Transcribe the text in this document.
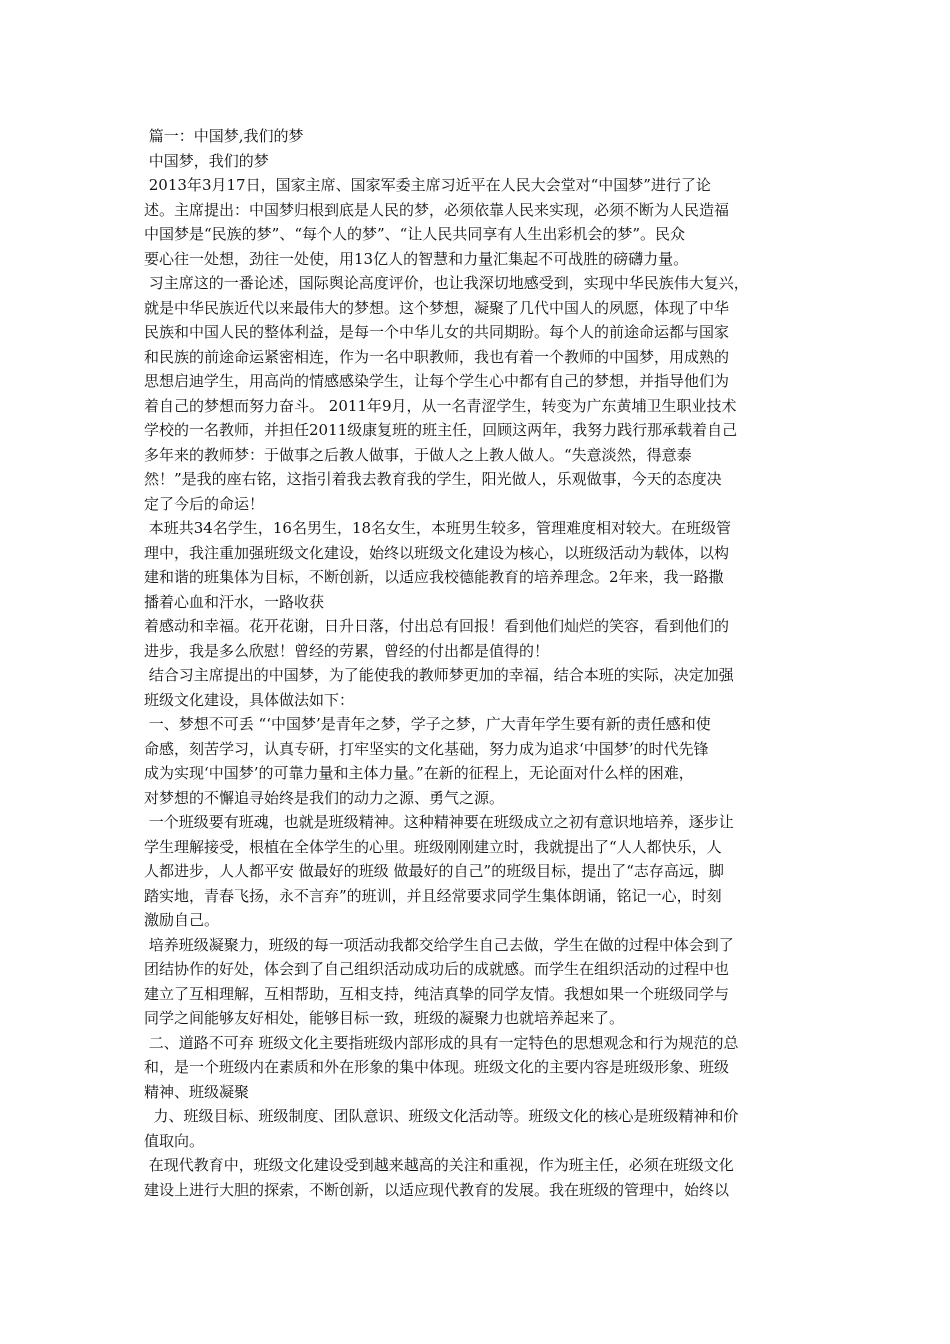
篇一：中国梦,我们的梦
中国梦，我们的梦
2013年3月17日，国家主席、国家军委主席习近平在人民大会堂对“中国梦”进行了论
述。主席提出：中国梦归根到底是人民的梦，必须依靠人民来实现，必须不断为人民造福
中国梦是“民族的梦”、“每个人的梦”、“让人民共同享有人生出彩机会的梦”。民众
要心往一处想，劲往一处使，用13亿人的智慧和力量汇集起不可战胜的磅礴力量。
习主席这的一番论述，国际舆论高度评价，也让我深切地感受到，实现中华民族伟大复兴，
就是中华民族近代以来最伟大的梦想。这个梦想，凝聚了几代中国人的夙愿，体现了中华
民族和中国人民的整体利益，是每一个中华儿女的共同期盼。每个人的前途命运都与国家
和民族的前途命运紧密相连，作为一名中职教师，我也有着一个教师的中国梦，用成熟的
思想启迪学生，用高尚的情感感染学生，让每个学生心中都有自己的梦想，并指导他们为
着自己的梦想而努力奋斗。 2011年9月，从一名青涩学生，转变为广东黄埔卫生职业技术
学校的一名教师，并担任2011级康复班的班主任，回顾这两年，我努力践行那承载着自己
多年来的教师梦：于做事之后教人做事，于做人之上教人做人。“失意淡然，得意泰
然！”是我的座右铭，这指引着我去教育我的学生，阳光做人，乐观做事，今天的态度决
定了今后的命运！
本班共34名学生，16名男生，18名女生，本班男生较多，管理难度相对较大。在班级管
理中，我注重加强班级文化建设，始终以班级文化建设为核心，以班级活动为载体，以构
建和谐的班集体为目标，不断创新，以适应我校德能教育的培养理念。2年来，我一路撒
播着心血和汗水，一路收获
着感动和幸福。花开花谢，日升日落，付出总有回报！看到他们灿烂的笑容，看到他们的
进步，我是多么欣慰！曾经的劳累，曾经的付出都是值得的！
结合习主席提出的中国梦，为了能使我的教师梦更加的幸福，结合本班的实际，决定加强
班级文化建设，具体做法如下：
一、梦想不可丢 “‘中国梦’是青年之梦，学子之梦，广大青年学生要有新的责任感和使
命感，刻苦学习，认真专研，打牢坚实的文化基础，努力成为追求‘中国梦’的时代先锋
成为实现‘中国梦’的可靠力量和主体力量。”在新的征程上，无论面对什么样的困难，
对梦想的不懈追寻始终是我们的动力之源、勇气之源。
一个班级要有班魂，也就是班级精神。这种精神要在班级成立之初有意识地培养，逐步让
学生理解接受，根植在全体学生的心里。班级刚刚建立时，我就提出了“人人都快乐，人
人都进步，人人都平安 做最好的班级 做最好的自己”的班级目标，提出了“志存高远，脚
踏实地，青春飞扬，永不言弃”的班训，并且经常要求同学生集体朗诵，铭记一心，时刻
激励自己。
培养班级凝聚力，班级的每一项活动我都交给学生自己去做，学生在做的过程中体会到了
团结协作的好处，体会到了自己组织活动成功后的成就感。而学生在组织活动的过程中也
建立了互相理解，互相帮助，互相支持，纯洁真挚的同学友情。我想如果一个班级同学与
同学之间能够友好相处，能够目标一致，班级的凝聚力也就培养起来了。
二、道路不可弃 班级文化主要指班级内部形成的具有一定特色的思想观念和行为规范的总
和，是一个班级内在素质和外在形象的集中体现。班级文化的主要内容是班级形象、班级
精神、班级凝聚
力、班级目标、班级制度、团队意识、班级文化活动等。班级文化的核心是班级精神和价
值取向。
在现代教育中，班级文化建设受到越来越高的关注和重视，作为班主任，必须在班级文化
建设上进行大胆的探索，不断创新，以适应现代教育的发展。我在班级的管理中，始终以
